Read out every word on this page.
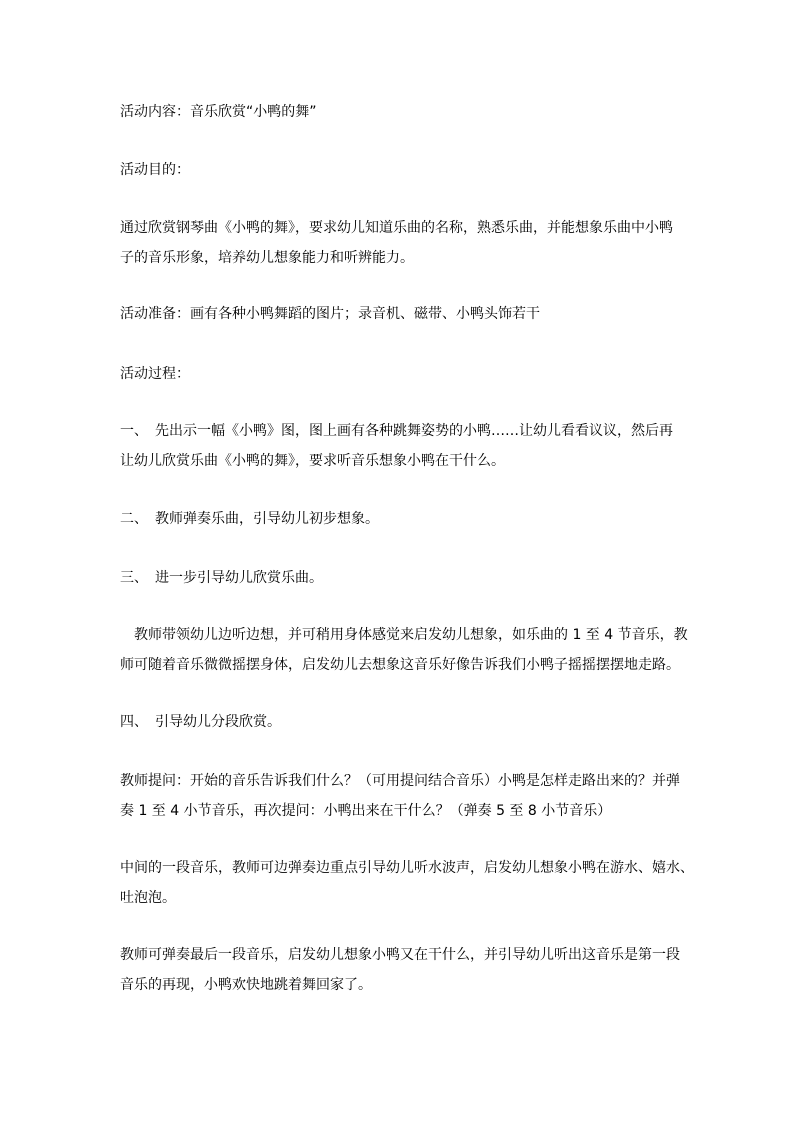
活动内容：音乐欣赏“小鸭的舞”
活动目的：
通过欣赏钢琴曲《小鸭的舞》，要求幼儿知道乐曲的名称，熟悉乐曲，并能想象乐曲中小鸭
子的音乐形象，培养幼儿想象能力和听辨能力。
活动准备：画有各种小鸭舞蹈的图片；录音机、磁带、小鸭头饰若干
活动过程：
一、　先出示一幅《小鸭》图，图上画有各种跳舞姿势的小鸭……让幼儿看看议议，然后再
让幼儿欣赏乐曲《小鸭的舞》，要求听音乐想象小鸭在干什么。
二、　教师弹奏乐曲，引导幼儿初步想象。
三、　进一步引导幼儿欣赏乐曲。
　教师带领幼儿边听边想，并可稍用身体感觉来启发幼儿想象，如乐曲的 1 至 4 节音乐，教
师可随着音乐微微摇摆身体，启发幼儿去想象这音乐好像告诉我们小鸭子摇摇摆摆地走路。
四、　引导幼儿分段欣赏。
教师提问：开始的音乐告诉我们什么？（可用提问结合音乐）小鸭是怎样走路出来的？并弹
奏 1 至 4 小节音乐，再次提问：小鸭出来在干什么？（弹奏 5 至 8 小节音乐）
中间的一段音乐，教师可边弹奏边重点引导幼儿听水波声，启发幼儿想象小鸭在游水、嬉水、
吐泡泡。
教师可弹奏最后一段音乐，启发幼儿想象小鸭又在干什么，并引导幼儿听出这音乐是第一段
音乐的再现，小鸭欢快地跳着舞回家了。
